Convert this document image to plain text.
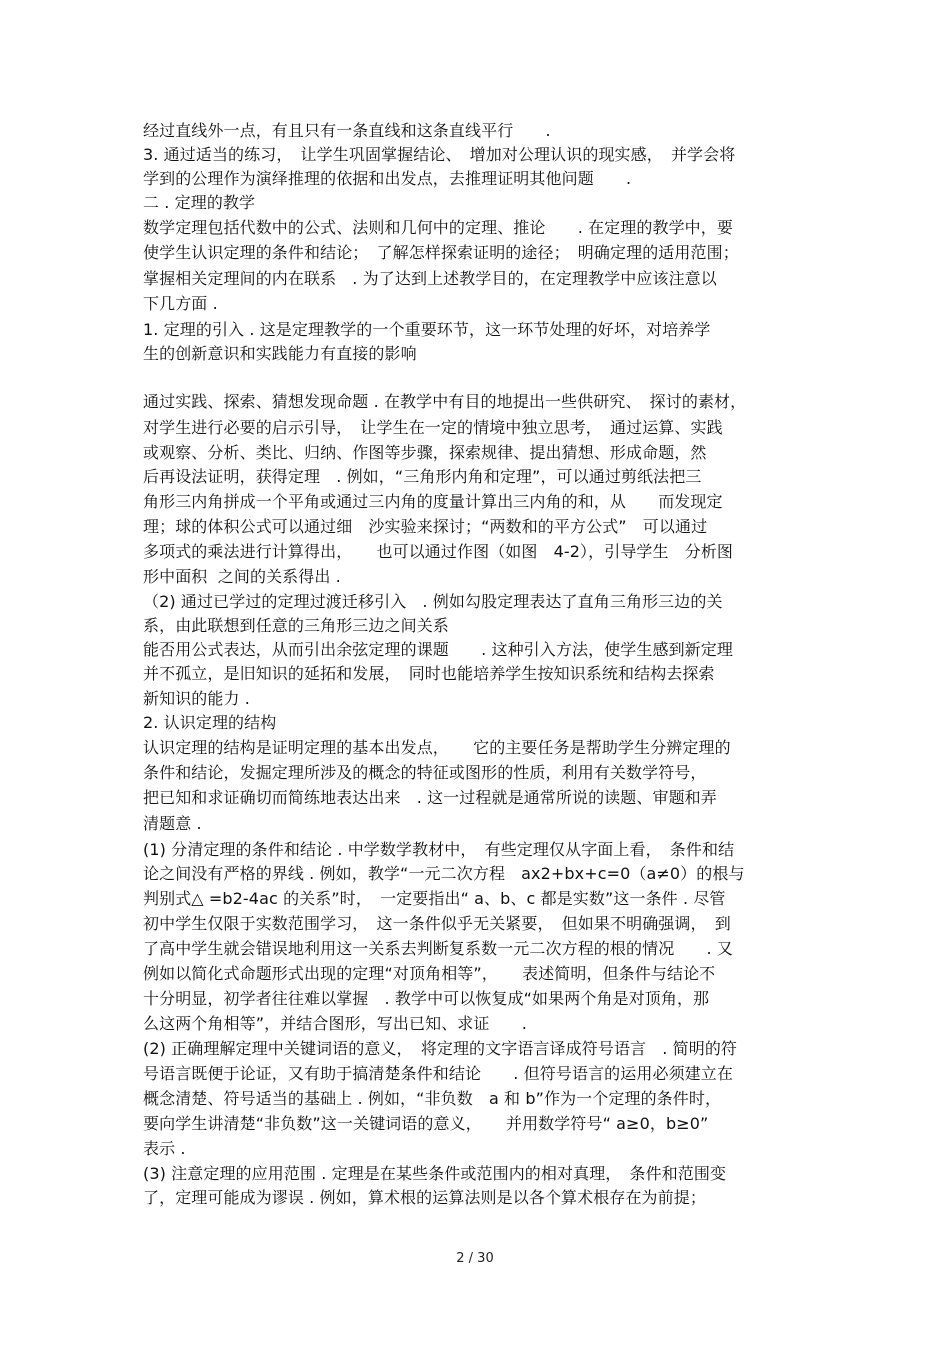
经过直线外一点，有且只有一条直线和这条直线平行　　.
3. 通过适当的练习，　让学生巩固掌握结论、　增加对公理认识的现实感，　并学会将
学到的公理作为演绎推理的依据和出发点，去推理证明其他问题　　.
二 . 定理的教学
数学定理包括代数中的公式、法则和几何中的定理、推论　　. 在定理的教学中，要
使学生认识定理的条件和结论；　了解怎样探索证明的途径；　明确定理的适用范围；
掌握相关定理间的内在联系　. 为了达到上述教学目的，在定理教学中应该注意以
下几方面 .
1. 定理的引入 . 这是定理教学的一个重要环节，这一环节处理的好坏，对培养学
生的创新意识和实践能力有直接的影响
通过实践、探索、猜想发现命题 . 在教学中有目的地提出一些供研究、　探讨的素材，
对学生进行必要的启示引导，　让学生在一定的情境中独立思考，　通过运算、实践
或观察、分析、类比、归纳、作图等步骤，探索规律、提出猜想、形成命题，然
后再设法证明，获得定理　. 例如，“三角形内角和定理”，可以通过剪纸法把三
角形三内角拼成一个平角或通过三内角的度量计算出三内角的和，从　　而发现定
理；球的体积公式可以通过细　沙实验来探讨；“两数和的平方公式”　可以通过
多项式的乘法进行计算得出，　　也可以通过作图（如图　4-2），引导学生　分析图
形中面积  之间的关系得出 .
（2) 通过已学过的定理过渡迁移引入　. 例如勾股定理表达了直角三角形三边的关
系，由此联想到任意的三角形三边之间关系
能否用公式表达，从而引出余弦定理的课题　　. 这种引入方法，使学生感到新定理
并不孤立，是旧知识的延拓和发展，　同时也能培养学生按知识系统和结构去探索
新知识的能力 .
2. 认识定理的结构
认识定理的结构是证明定理的基本出发点，　　它的主要任务是帮助学生分辨定理的
条件和结论，发掘定理所涉及的概念的特征或图形的性质，利用有关数学符号，
把已知和求证确切而简练地表达出来　. 这一过程就是通常所说的读题、审题和弄
清题意 .
(1) 分清定理的条件和结论 . 中学数学教材中，　有些定理仅从字面上看，　条件和结
论之间没有严格的界线 . 例如，教学“一元二次方程　ax2+bx+c=0（a≠0）的根与
判别式△ =b2-4ac 的关系”时，　一定要指出“ a、b、c 都是实数”这一条件 . 尽管
初中学生仅限于实数范围学习，　这一条件似乎无关紧要，　但如果不明确强调，　到
了高中学生就会错误地利用这一关系去判断复系数一元二次方程的根的情况　　. 又
例如以简化式命题形式出现的定理“对顶角相等”，　　表述简明，但条件与结论不
十分明显，初学者往往难以掌握　. 教学中可以恢复成“如果两个角是对顶角，那
么这两个角相等”，并结合图形，写出已知、求证　　.
(2) 正确理解定理中关键词语的意义，　将定理的文字语言译成符号语言　. 简明的符
号语言既便于论证，又有助于搞清楚条件和结论　　. 但符号语言的运用必须建立在
概念清楚、符号适当的基础上 . 例如，“非负数　a 和 b”作为一个定理的条件时，
要向学生讲清楚“非负数”这一关键词语的意义，　　并用数学符号“ a≥0，b≥0”
表示 .
(3) 注意定理的应用范围 . 定理是在某些条件或范围内的相对真理，　条件和范围变
了，定理可能成为谬误 . 例如，算术根的运算法则是以各个算术根存在为前提；
2 / 30
